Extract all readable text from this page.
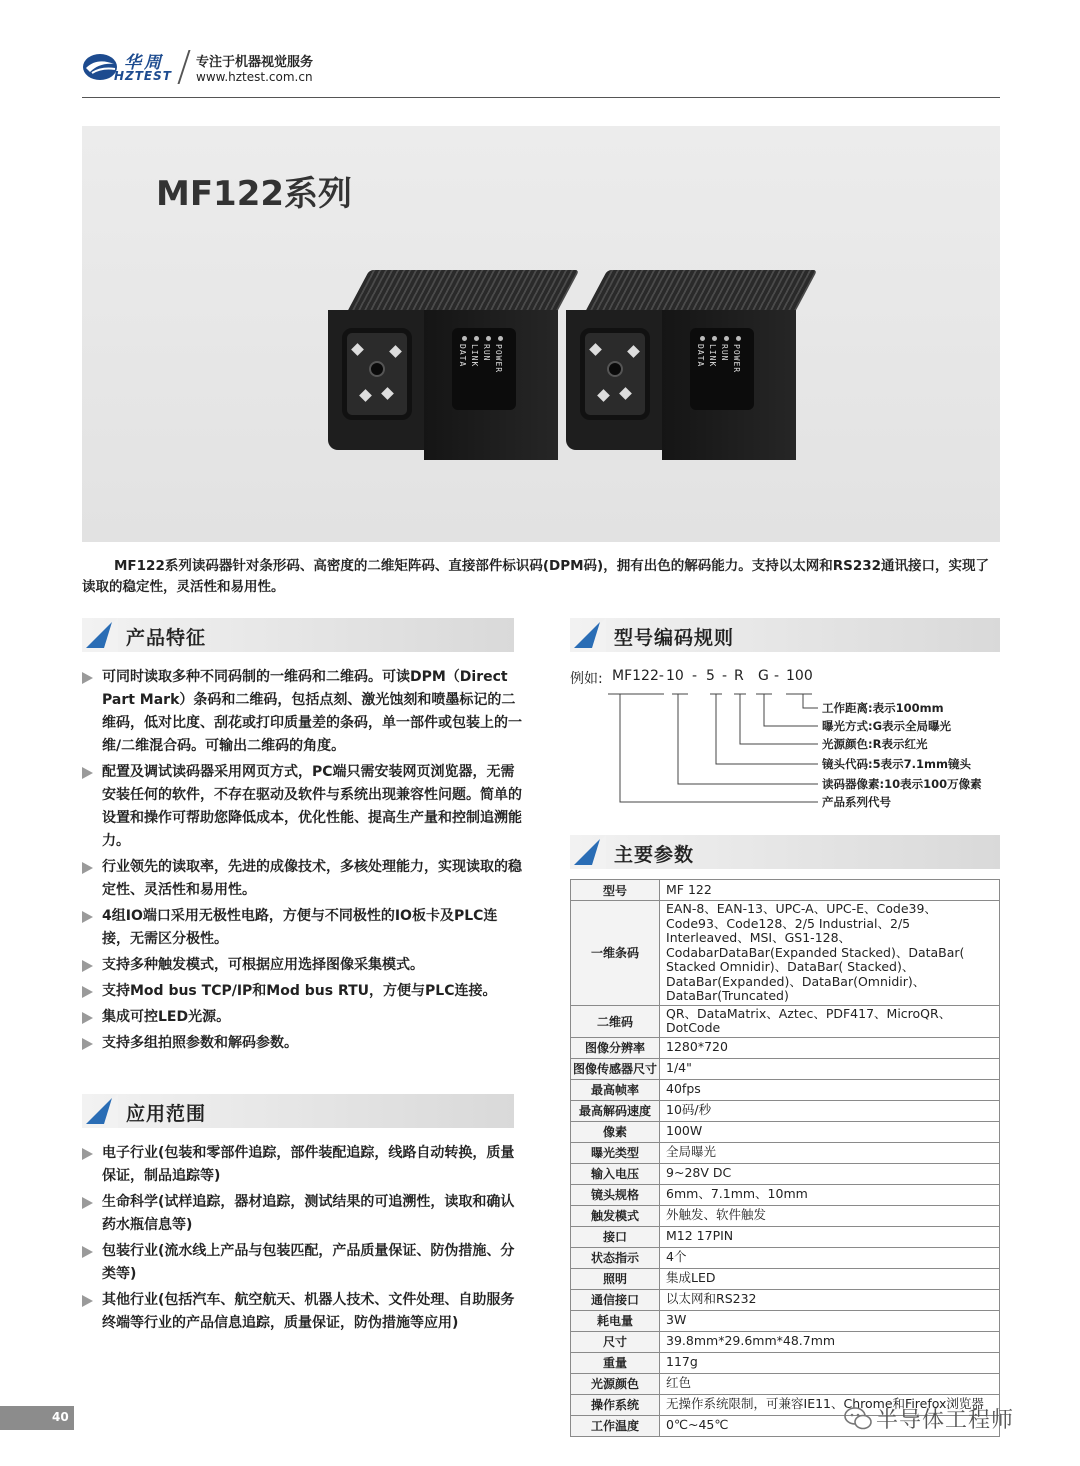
华周
HZTEST
专注于机器视觉服务
www.hztest.com.cn
MF122系列
POWER
RUN
LINK
DATA	POWER
RUN
LINK
DATA

MF122系列读码器针对条形码、高密度的二维矩阵码、直接部件标识码(DPM码)，拥有出色的解码能力。支持以太网和RS232通讯接口，实现了读取的稳定性，灵活性和易用性。

产品特征
可同时读取多种不同码制的一维码和二维码。可读DPM（Direct Part Mark）条码和二维码，包括点刻、激光蚀刻和喷墨标记的二维码，低对比度、刮花或打印质量差的条码，单一部件或包装上的一维/二维混合码。可输出二维码的角度。
配置及调试读码器采用网页方式，PC端只需安装网页浏览器，无需安装任何的软件，不存在驱动及软件与系统出现兼容性问题。简单的设置和操作可帮助您降低成本，优化性能、提高生产量和控制追溯能力。
行业领先的读取率，先进的成像技术，多核处理能力，实现读取的稳定性、灵活性和易用性。
4组IO端口采用无极性电路，方便与不同极性的IO板卡及PLC连接，无需区分极性。
支持多种触发模式，可根据应用选择图像采集模式。
支持Mod bus TCP/IP和Mod bus RTU，方便与PLC连接。
集成可控LED光源。
支持多组拍照参数和解码参数。
应用范围
电子行业(包装和零部件追踪，部件装配追踪，线路自动转换，质量保证，制品追踪等)
生命科学(试样追踪，器材追踪，测试结果的可追溯性，读取和确认药水瓶信息等)
包装行业(流水线上产品与包装匹配，产品质量保证、防伪措施、分类等)
其他行业(包括汽车、航空航天、机器人技术、文件处理、自助服务终端等行业的产品信息追踪，质量保证，防伪措施等应用)
型号编码规则
例如: MF122- 10 - 5 - R G - 100
工作距离:表示100mm
曝光方式:G表示全局曝光
光源颜色:R表示红光
镜头代码:5表示7.1mm镜头
读码器像素:10表示100万像素
产品系列代号
主要参数
型号	MF 122
一维条码	EAN-8、EAN-13、UPC-A、UPC-E、Code39、Code93、Code128、2/5 Industrial、2/5 Interleaved、MSI、GS1-128、CodabarDataBar(Expanded Stacked)、DataBar( Stacked Omnidir)、DataBar( Stacked)、DataBar(Expanded)、DataBar(Omnidir)、DataBar(Truncated)
二维码	QR、DataMatrix、Aztec、PDF417、MicroQR、DotCode
图像分辨率	1280*720
图像传感器尺寸	1/4"
最高帧率	40fps
最高解码速度	10码/秒
像素	100W
曝光类型	全局曝光
输入电压	9~28V DC
镜头规格	6mm、7.1mm、10mm
触发模式	外触发、软件触发
接口	M12 17PIN
状态指示	4个
照明	集成LED
通信接口	以太网和RS232
耗电量	3W
尺寸	39.8mm*29.6mm*48.7mm
重量	117g
光源颜色	红色
操作系统	无操作系统限制，可兼容IE11、Chrome和Firefox浏览器
工作温度	0℃~45℃
40	半导体工程师
